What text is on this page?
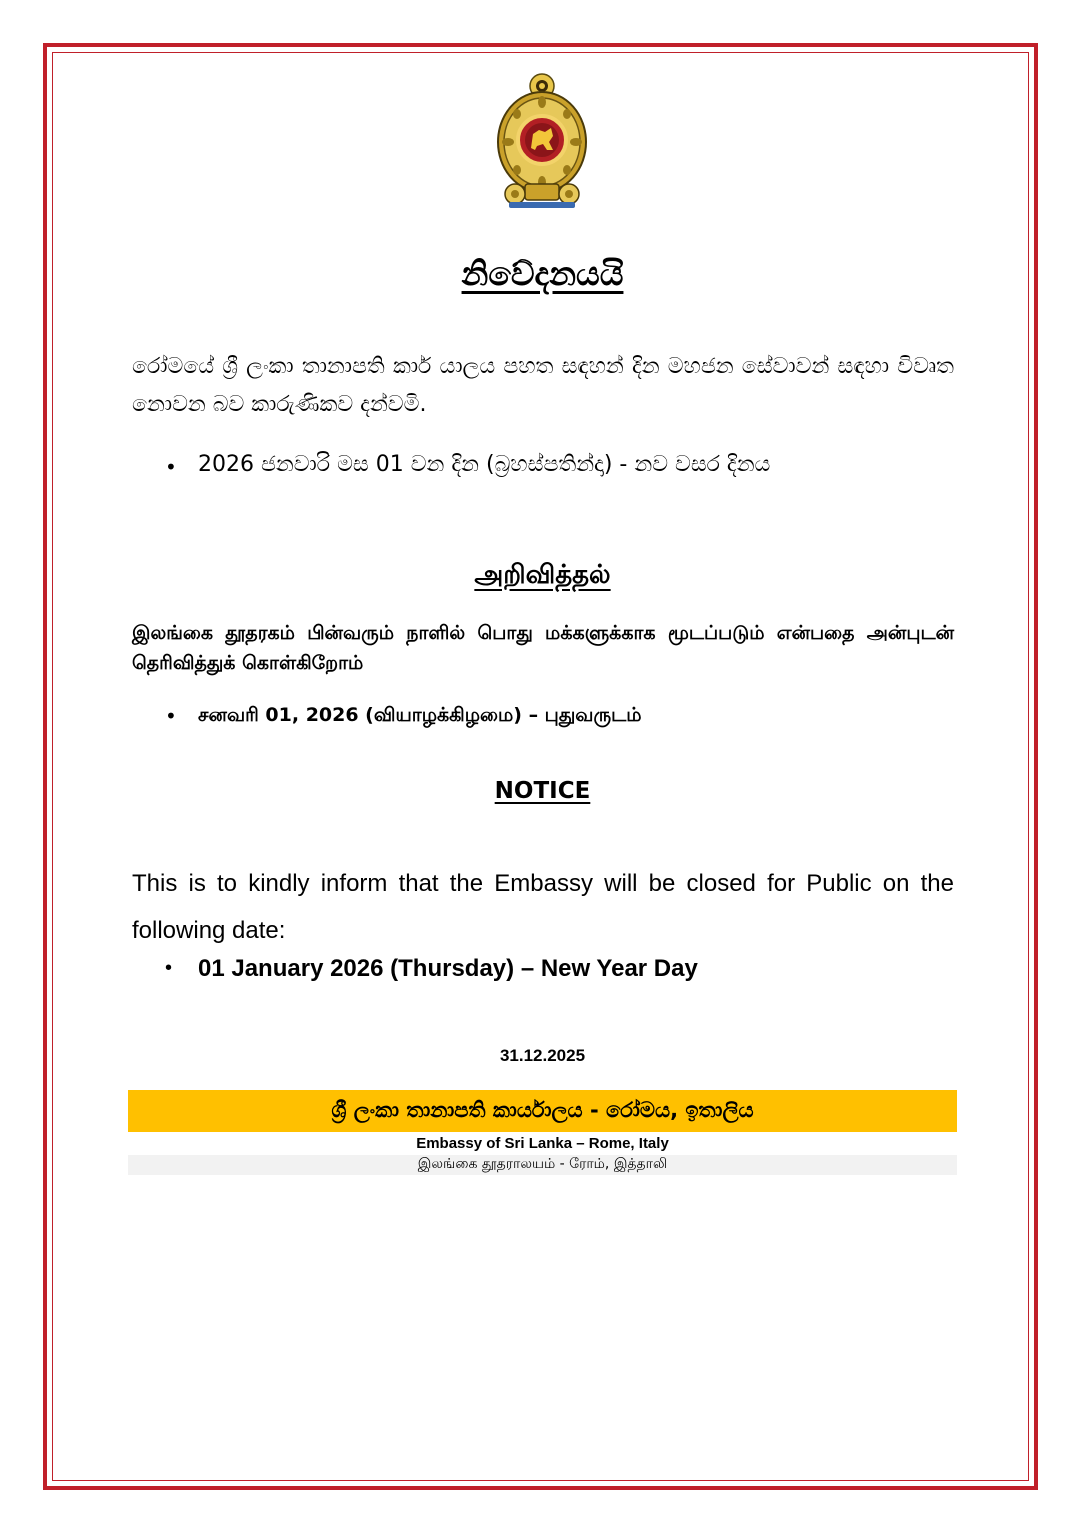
නිවේදනයයි
රෝමයේ ශ්‍රී ලංකා තානාපති කාර් යාලය පහත සඳහන් දින මහජන සේවාවන් සඳහා විවෘත නොවන බව කාරුණිකව දන්වමි.
• 2026 ජනවාරි මස 01 වන දින (බ්‍රහස්පතින්දා) - නව වසර දිනය
அறிவித்தல்
இலங்கை தூதரகம் பின்வரும் நாளில் பொது மக்களுக்காக மூடப்படும் என்பதை அன்புடன் தெரிவித்துக் கொள்கிறோம்
• சனவரி 01, 2026 (வியாழக்கிழமை) – புதுவருடம்
NOTICE
This is to kindly inform that the Embassy will be closed for Public on the following date:
• 01 January 2026 (Thursday) – New Year Day
31.12.2025
ශ්‍රී ලංකා තානාපති කාර්යාලය - රෝමය, ඉතාලිය
Embassy of Sri Lanka – Rome, Italy
இலங்கை தூதராலயம் - ரோம், இத்தாலி
